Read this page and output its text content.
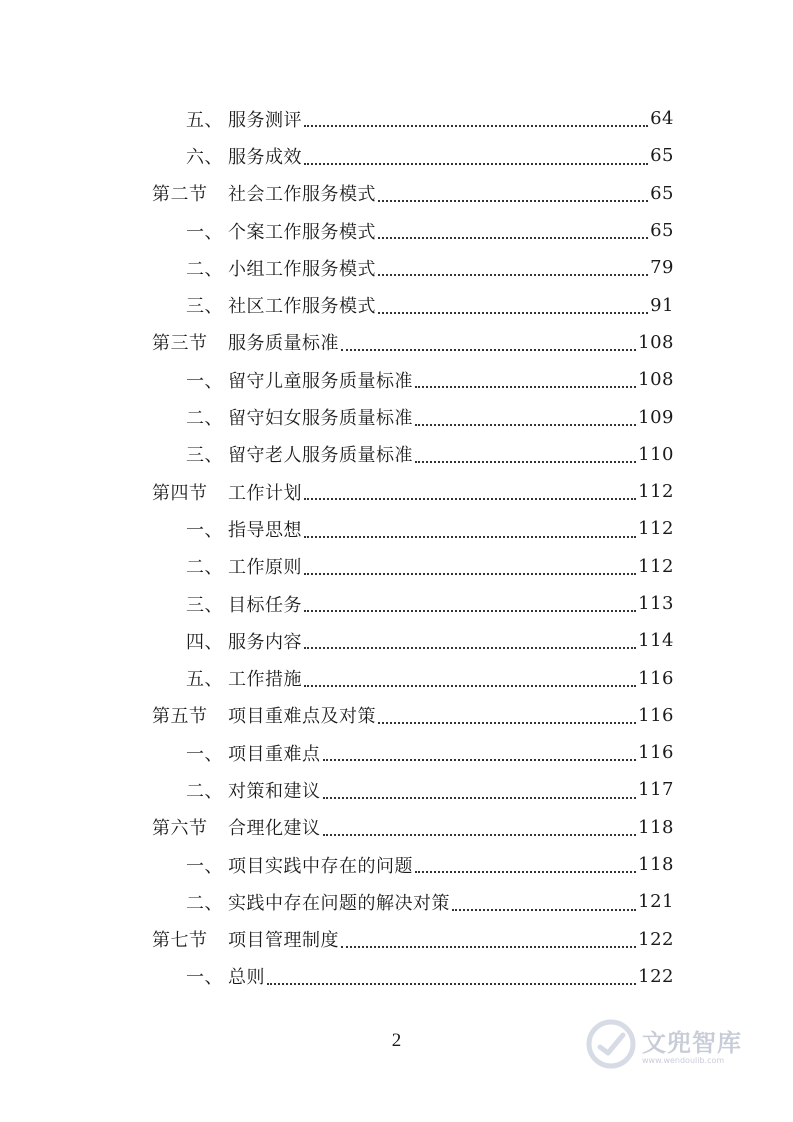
五、 服务测评	64
六、 服务成效	65
第二节	社会工作服务模式	65
一、 个案工作服务模式	65
二、 小组工作服务模式	79
三、 社区工作服务模式	91
第三节	服务质量标准	108
一、 留守儿童服务质量标准	108
二、 留守妇女服务质量标准	109
三、 留守老人服务质量标准	110
第四节	工作计划	112
一、 指导思想	112
二、 工作原则	112
三、 目标任务	113
四、 服务内容	114
五、 工作措施	116
第五节	项目重难点及对策	116
一、 项目重难点	116
二、 对策和建议	117
第六节	合理化建议	118
一、 项目实践中存在的问题	118
二、 实践中存在问题的解决对策	121
第七节	项目管理制度	122
一、 总则	122
2	文兜智库
www.wendoulib.com
